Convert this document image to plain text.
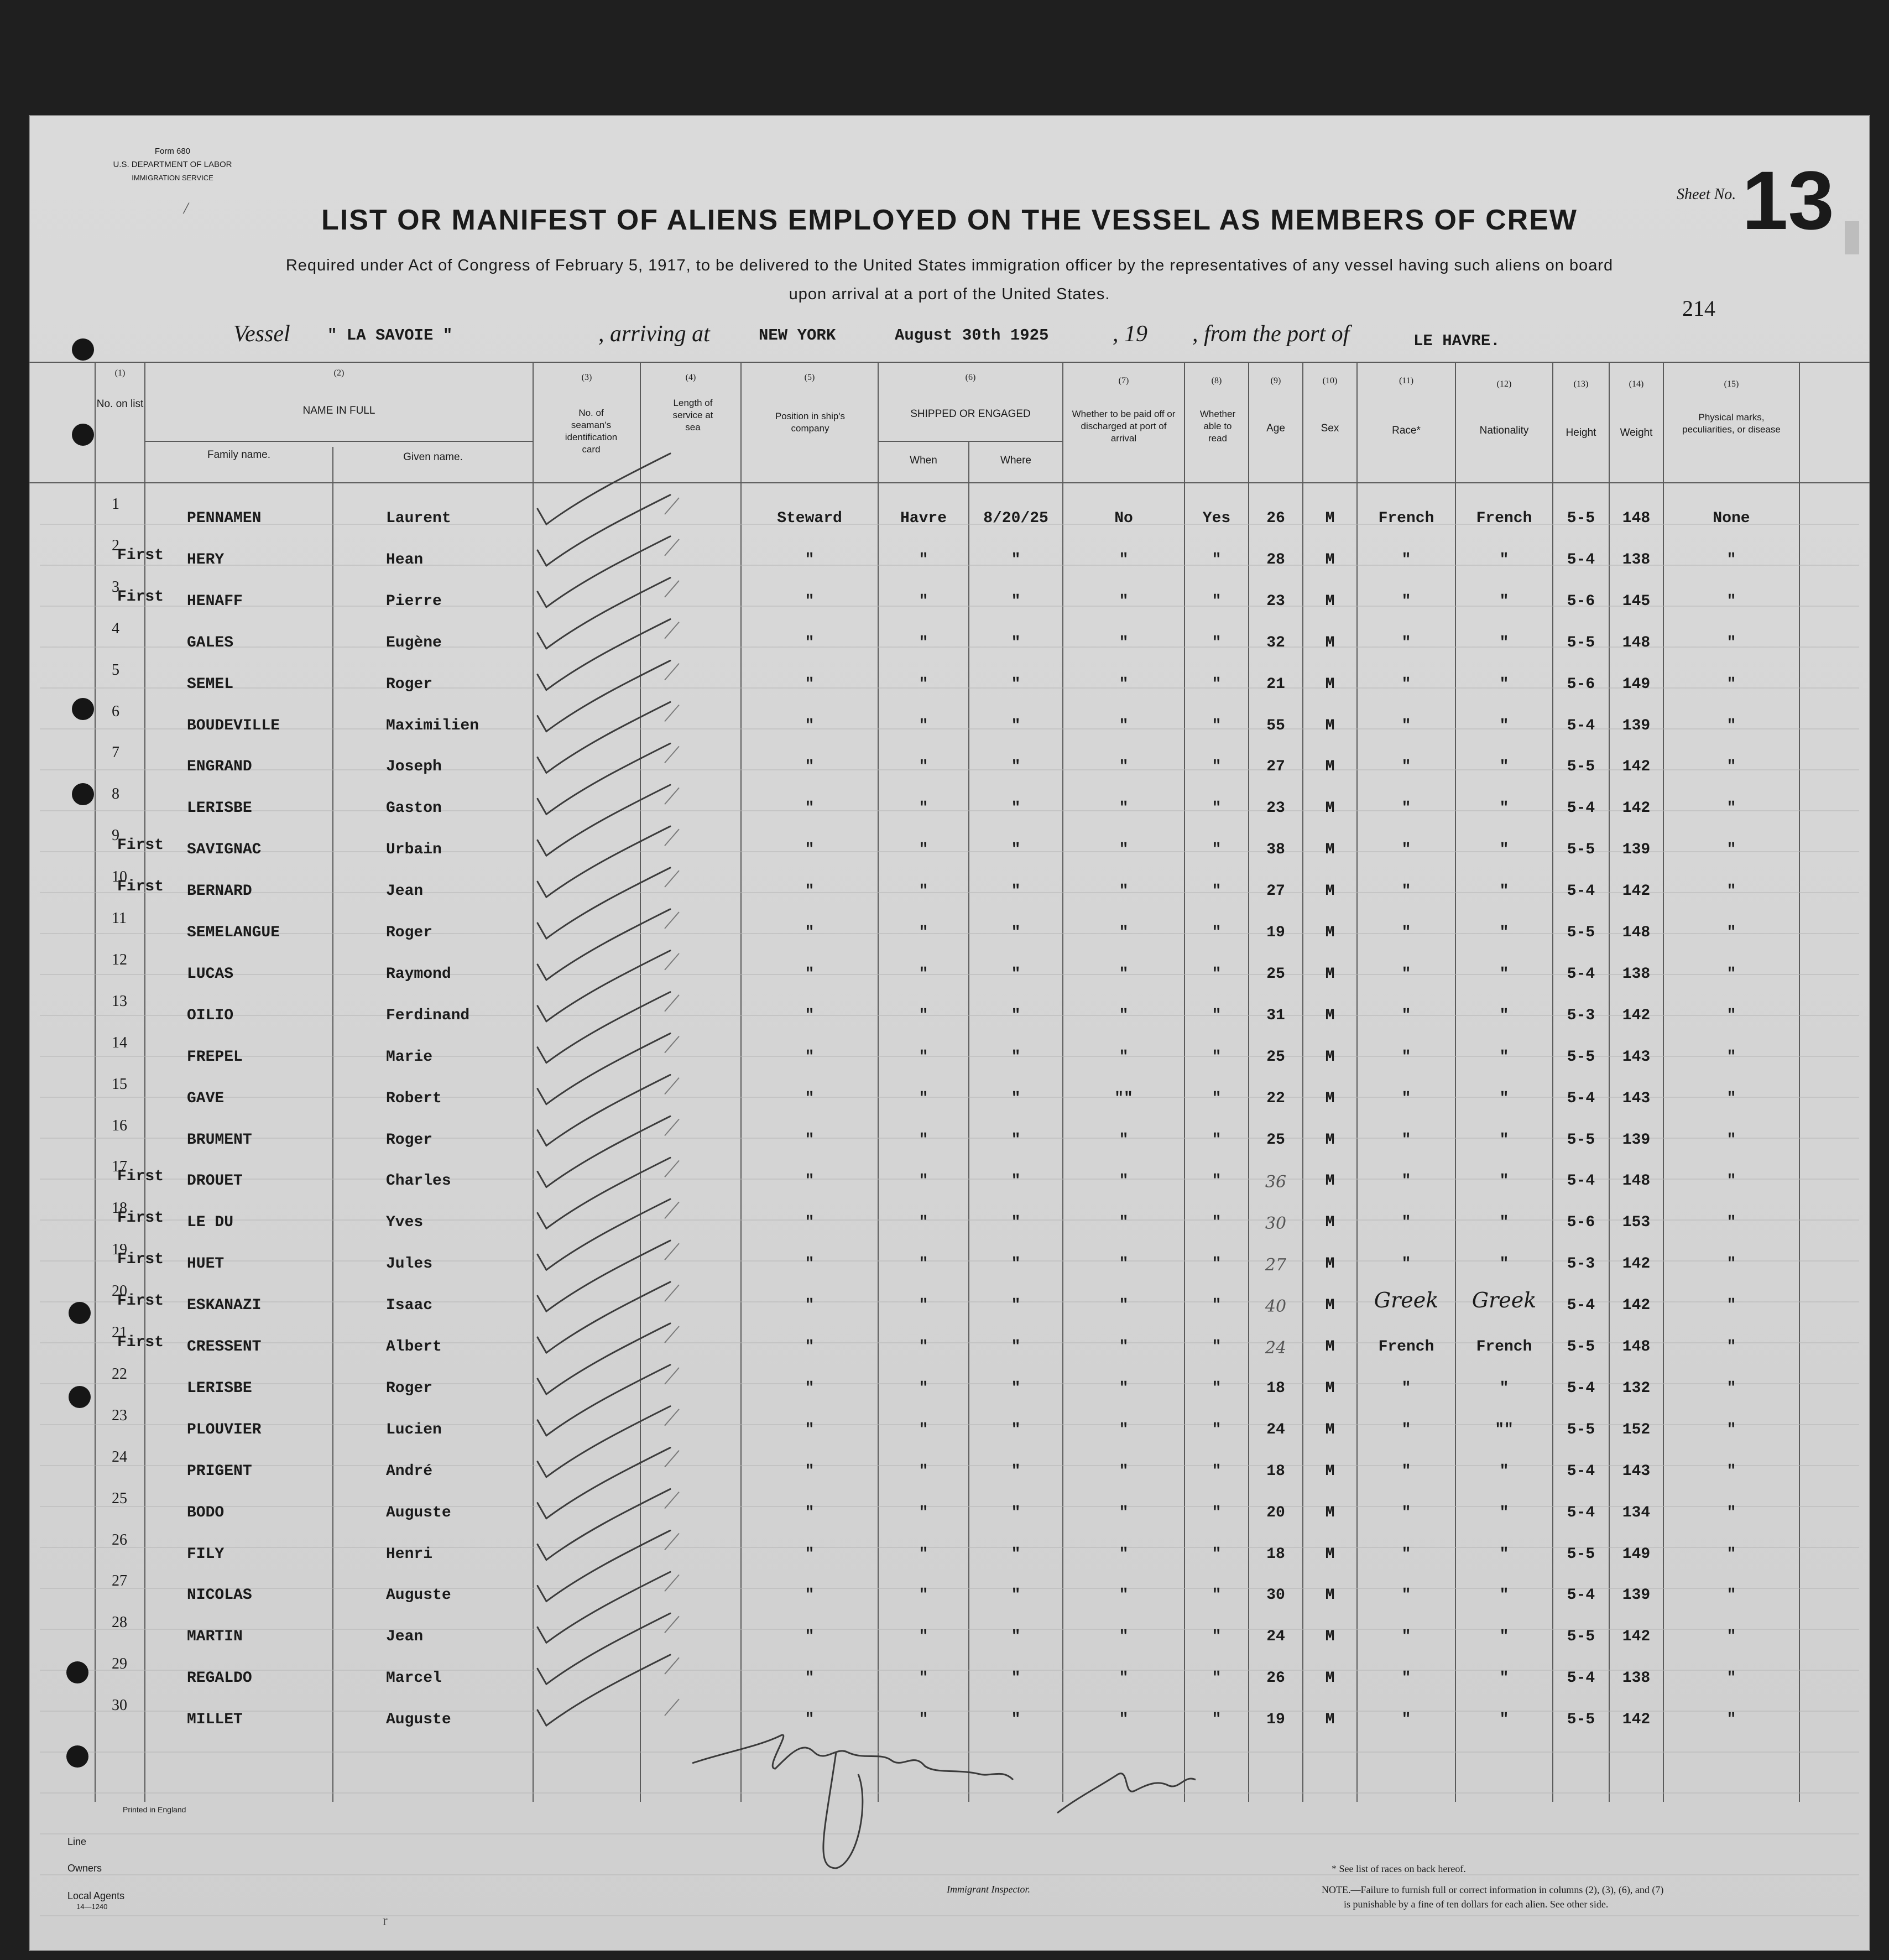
Form 680
U.S. DEPARTMENT OF LABOR
IMMIGRATION SERVICE
LIST OR MANIFEST OF ALIENS EMPLOYED ON THE VESSEL AS MEMBERS OF CREW
Required under Act of Congress of February 5, 1917, to be delivered to the United States immigration officer by the representatives of any vessel having such aliens on board upon arrival at a port of the United States.
Sheet No. 13
214
Vessel " LA SAVOIE "	, arriving at	NEW YORK	August 30th 1925	, 19 , from the port of	LE HAVRE.
(1)	(2)	(3)	(4)	(5)	(6)	(7)	(8)	(9)	(10)	(11)	(12)	(13)	(14)	(15)
No. on list
NAME IN FULL
Family name.	Given name.
No. of seaman's identification card
Length of service at sea
Position in ship's company
SHIPPED OR ENGAGED
When	Where
Whether to be paid off or discharged at port of arrival
Whether able to read
Age	Sex	Race*	Nationality	Height	Weight
Physical marks, peculiarities, or disease
1
PENNAMEN	Laurent	Steward	Havre	8/20/25	No	Yes	26	M	French	French	5-5	148	None
2
First	HERY	Hean	"	"	"	"	"	28	M	"	"	5-4	138	"
3
First	HENAFF	Pierre	"	"	"	"	"	23	M	"	"	5-6	145	"
4
GALES	Eugène	"	"	"	"	"	32	M	"	"	5-5	148	"
5
SEMEL	Roger	"	"	"	"	"	21	M	"	"	5-6	149	"
6
BOUDEVILLE	Maximilien	"	"	"	"	"	55	M	"	"	5-4	139	"
7
ENGRAND	Joseph	"	"	"	"	"	27	M	"	"	5-5	142	"
8
LERISBE	Gaston	"	"	"	"	"	23	M	"	"	5-4	142	"
9
First	SAVIGNAC	Urbain	"	"	"	"	"	38	M	"	"	5-5	139	"
10
First	BERNARD	Jean	"	"	"	"	"	27	M	"	"	5-4	142	"
11
SEMELANGUE	Roger	"	"	"	"	"	19	M	"	"	5-5	148	"
12
LUCAS	Raymond	"	"	"	"	"	25	M	"	"	5-4	138	"
13
OILIO	Ferdinand	"	"	"	"	"	31	M	"	"	5-3	142	"
14
FREPEL	Marie	"	"	"	"	"	25	M	"	"	5-5	143	"
15
GAVE	Robert	"	"	"	""	"	22	M	"	"	5-4	143	"
16
BRUMENT	Roger	"	"	"	"	"	25	M	"	"	5-5	139	"
17
First	DROUET	Charles	"	"	"	"	"	36	M	"	"	5-4	148	"
18
First	LE DU	Yves	"	"	"	"	"	30	M	"	"	5-6	153	"
19
First	HUET	Jules	"	"	"	"	"	27	M	"	"	5-3	142	"
20
First	ESKANAZI	Isaac	"	"	"	"	"	40	M	Greek	Greek	5-4	142	"
21
First	CRESSENT	Albert	"	"	"	"	"	24	M	French	French	5-5	148	"
22
LERISBE	Roger	"	"	"	"	"	18	M	"	"	5-4	132	"
23
PLOUVIER	Lucien	"	"	"	"	"	24	M	"	""	5-5	152	"
24
PRIGENT	André	"	"	"	"	"	18	M	"	"	5-4	143	"
25
BODO	Auguste	"	"	"	"	"	20	M	"	"	5-4	134	"
26
FILY	Henri	"	"	"	"	"	18	M	"	"	5-5	149	"
27
NICOLAS	Auguste	"	"	"	"	"	30	M	"	"	5-4	139	"
28
MARTIN	Jean	"	"	"	"	"	24	M	"	"	5-5	142	"
29
REGALDO	Marcel	"	"	"	"	"	26	M	"	"	5-4	138	"
30
MILLET	Auguste	"	"	"	"	"	19	M	"	"	5-5	142	"
Printed in England
Line
Owners
Local Agents
14—1240
Immigrant Inspector.
* See list of races on back hereof.
NOTE.—Failure to furnish full or correct information in columns (2), (3), (6), and (7)
is punishable by a fine of ten dollars for each alien. See other side.
/
r
